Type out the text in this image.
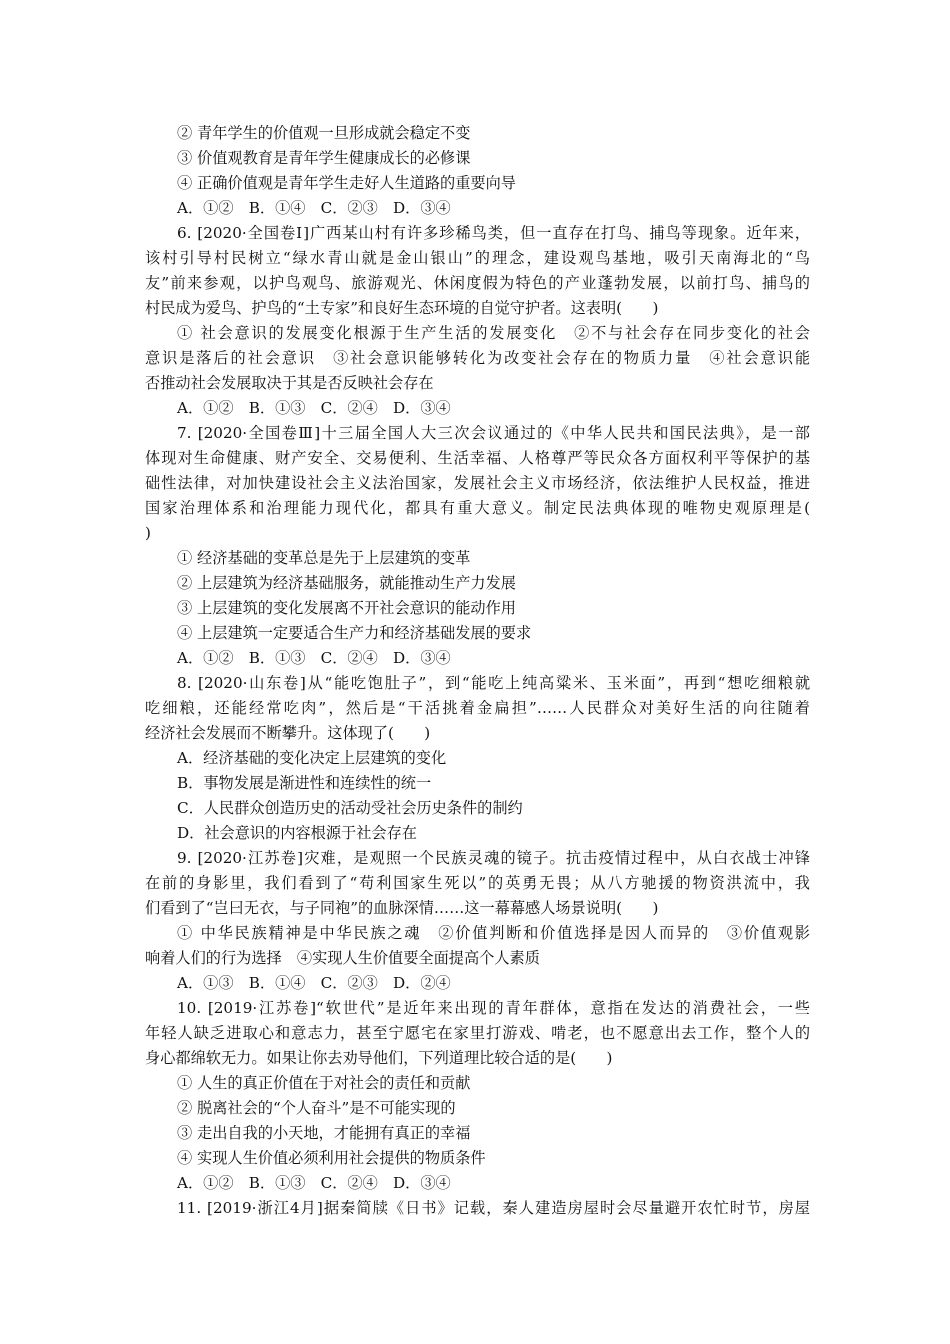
② 青年学生的价值观一旦形成就会稳定不变
③ 价值观教育是青年学生健康成长的必修课
④ 正确价值观是青年学生走好人生道路的重要向导
A．①②　B．①④　C．②③　D．③④
6. [2020·全国卷Ⅰ]广西某山村有许多珍稀鸟类，但一直存在打鸟、捕鸟等现象。近年来，
该村引导村民树立“绿水青山就是金山银山”的理念，建设观鸟基地，吸引天南海北的“鸟
友”前来参观，以护鸟观鸟、旅游观光、休闲度假为特色的产业蓬勃发展，以前打鸟、捕鸟的
村民成为爱鸟、护鸟的“土专家”和良好生态环境的自觉守护者。这表明(　　)
① 社会意识的发展变化根源于生产生活的发展变化　②不与社会存在同步变化的社会
意识是落后的社会意识　③社会意识能够转化为改变社会存在的物质力量　④社会意识能
否推动社会发展取决于其是否反映社会存在
A．①②　B．①③　C．②④　D．③④
7. [2020·全国卷Ⅲ]十三届全国人大三次会议通过的《中华人民共和国民法典》，是一部
体现对生命健康、财产安全、交易便利、生活幸福、人格尊严等民众各方面权利平等保护的基
础性法律，对加快建设社会主义法治国家，发展社会主义市场经济，依法维护人民权益，推进
国家治理体系和治理能力现代化，都具有重大意义。制定民法典体现的唯物史观原理是(
)
① 经济基础的变革总是先于上层建筑的变革
② 上层建筑为经济基础服务，就能推动生产力发展
③ 上层建筑的变化发展离不开社会意识的能动作用
④ 上层建筑一定要适合生产力和经济基础发展的要求
A．①②　B．①③　C．②④　D．③④
8. [2020·山东卷]从“能吃饱肚子”，到“能吃上纯高粱米、玉米面”，再到“想吃细粮就
吃细粮，还能经常吃肉”，然后是“干活挑着金扁担”……人民群众对美好生活的向往随着
经济社会发展而不断攀升。这体现了(　　)
A．经济基础的变化决定上层建筑的变化
B．事物发展是渐进性和连续性的统一
C．人民群众创造历史的活动受社会历史条件的制约
D．社会意识的内容根源于社会存在
9. [2020·江苏卷]灾难，是观照一个民族灵魂的镜子。抗击疫情过程中，从白衣战士冲锋
在前的身影里，我们看到了“苟利国家生死以”的英勇无畏；从八方驰援的物资洪流中，我
们看到了“岂曰无衣，与子同袍”的血脉深情……这一幕幕感人场景说明(　　)
① 中华民族精神是中华民族之魂　②价值判断和价值选择是因人而异的　③价值观影
响着人们的行为选择　④实现人生价值要全面提高个人素质
A．①③　B．①④　C．②③　D．②④
10. [2019·江苏卷]“软世代”是近年来出现的青年群体，意指在发达的消费社会，一些
年轻人缺乏进取心和意志力，甚至宁愿宅在家里打游戏、啃老，也不愿意出去工作，整个人的
身心都绵软无力。如果让你去劝导他们，下列道理比较合适的是(　　)
① 人生的真正价值在于对社会的责任和贡献
② 脱离社会的“个人奋斗”是不可能实现的
③ 走出自我的小天地，才能拥有真正的幸福
④ 实现人生价值必须利用社会提供的物质条件
A．①②　B．①③　C．②④　D．③④
11. [2019·浙江4月]据秦简牍《日书》记载，秦人建造房屋时会尽量避开农忙时节，房屋
